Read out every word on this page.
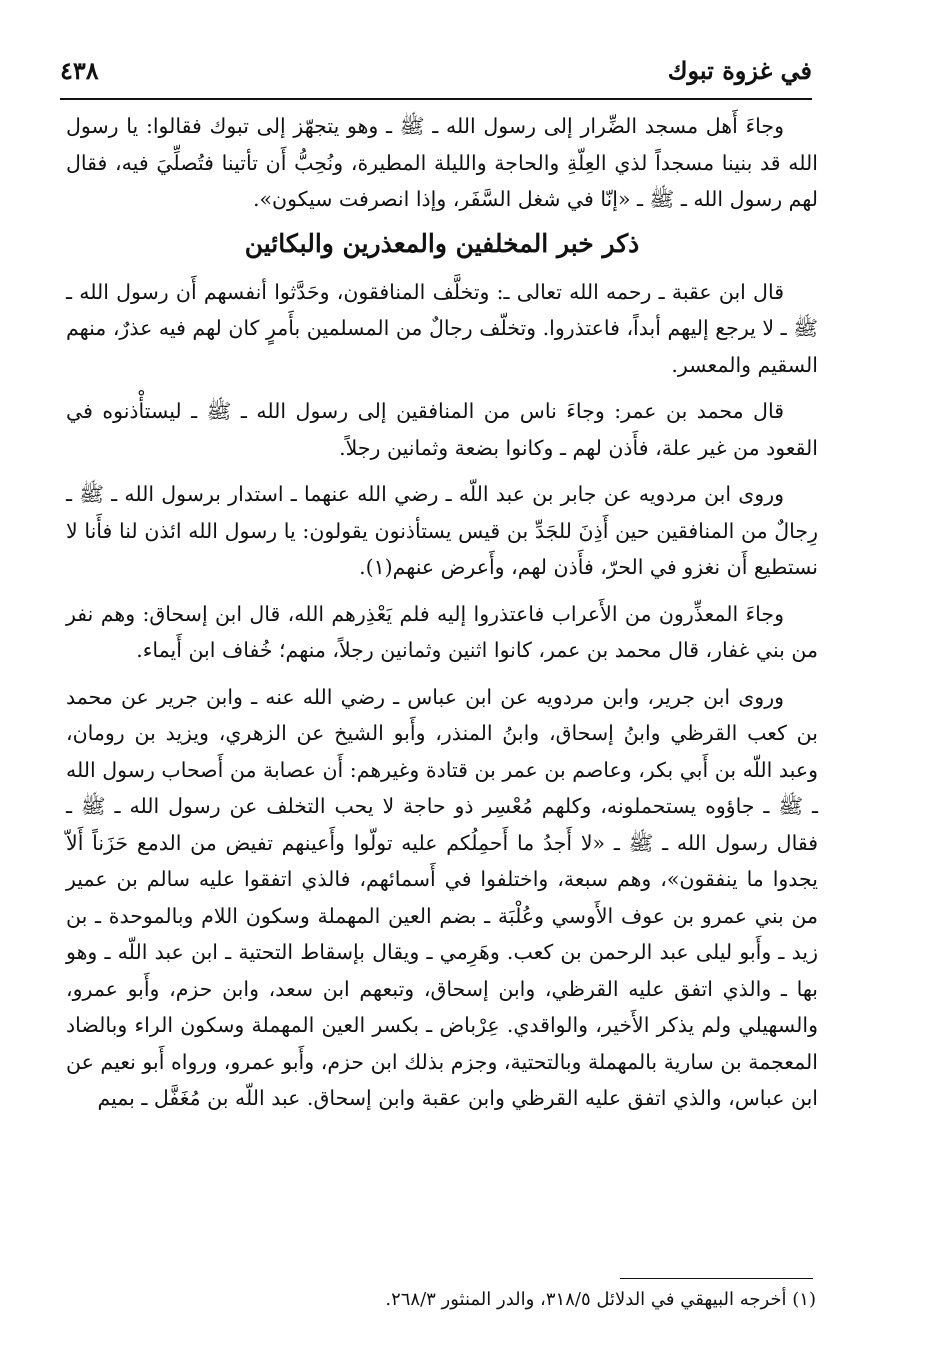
في غزوة تبوك
٤٣٨

وجاءَ أَهل مسجد الضِّرار إلى رسول الله ـ ﷺ ـ وهو يتجهّز إلى تبوك فقالوا: يا رسول الله قد بنينا مسجداً لذي العِلّةِ والحاجة والليلة المطيرة، ونُحِبُّ أَن تأتينا فتُصلِّيَ فيه، فقال لهم رسول الله ـ ﷺ ـ «إنّا في شغل السَّفَر، وإذا انصرفت سيكون».

ذكر خبر المخلفين والمعذرين والبكائين

قال ابن عقبة ـ رحمه الله تعالى ـ: وتخلَّف المنافقون، وحَدَّثوا أنفسهم أَن رسول الله ـ ﷺ ـ لا يرجع إليهم أبداً، فاعتذروا. وتخلّف رجالٌ من المسلمين بأَمرٍ كان لهم فيه عذرٌ، منهم السقيم والمعسر.

قال محمد بن عمر: وجاءَ ناس من المنافقين إلى رسول الله ـ ﷺ ـ ليستأْذنوه في القعود من غير علة، فأَذن لهم ـ وكانوا بضعة وثمانين رجلاً.

وروى ابن مردويه عن جابر بن عبد اللّه ـ رضي الله عنهما ـ استدار برسول الله ـ ﷺ ـ رِجالٌ من المنافقين حين أَذِنَ للجَدِّ بن قيس يستأذنون يقولون: يا رسول الله ائذن لنا فأَنا لا نستطيع أَن نغزو في الحرّ، فأَذن لهم، وأَعرض عنهم(١).

وجاءَ المعذِّرون من الأَعراب فاعتذروا إليه فلم يَعْذِرهم الله، قال ابن إسحاق: وهم نفر من بني غفار، قال محمد بن عمر، كانوا اثنين وثمانين رجلاً، منهم؛ خُفاف ابن أَيماء.

وروى ابن جرير، وابن مردويه عن ابن عباس ـ رضي الله عنه ـ وابن جرير عن محمد بن كعب القرظي وابنُ إسحاق، وابنُ المنذر، وأَبو الشيخ عن الزهري، ويزيد بن رومان، وعبد اللّه بن أَبي بكر، وعاصم بن عمر بن قتادة وغيرهم: أَن عصابة من أَصحاب رسول الله ـ ﷺ ـ جاؤوه يستحملونه، وكلهم مُعْسِر ذو حاجة لا يحب التخلف عن رسول الله ـ ﷺ ـ فقال رسول الله ـ ﷺ ـ «لا أَجدُ ما أَحمِلُكم عليه تولّوا وأَعينهم تفيض من الدمع حَزَناً أَلاّ يجدوا ما ينفقون»، وهم سبعة، واختلفوا في أَسمائهم، فالذي اتفقوا عليه سالم بن عمير من بني عمرو بن عوف الأَوسي وعُلْبَة ـ بضم العين المهملة وسكون اللام وبالموحدة ـ بن زيد ـ وأَبو ليلى عبد الرحمن بن كعب. وهَرِمي ـ ويقال بإسقاط التحتية ـ ابن عبد اللّه ـ وهو بها ـ والذي اتفق عليه القرظي، وابن إسحاق، وتبعهم ابن سعد، وابن حزم، وأَبو عمرو، والسهيلي ولم يذكر الأَخير، والواقدي. عِرْباض ـ بكسر العين المهملة وسكون الراء وبالضاد المعجمة بن سارية بالمهملة وبالتحتية، وجزم بذلك ابن حزم، وأَبو عمرو، ورواه أَبو نعيم عن ابن عباس، والذي اتفق عليه القرظي وابن عقبة وابن إسحاق. عبد اللّه بن مُغَفَّل ـ بميم

(١) أخرجه البيهقي في الدلائل ٣١٨/٥، والدر المنثور ٢٦٨/٣.
